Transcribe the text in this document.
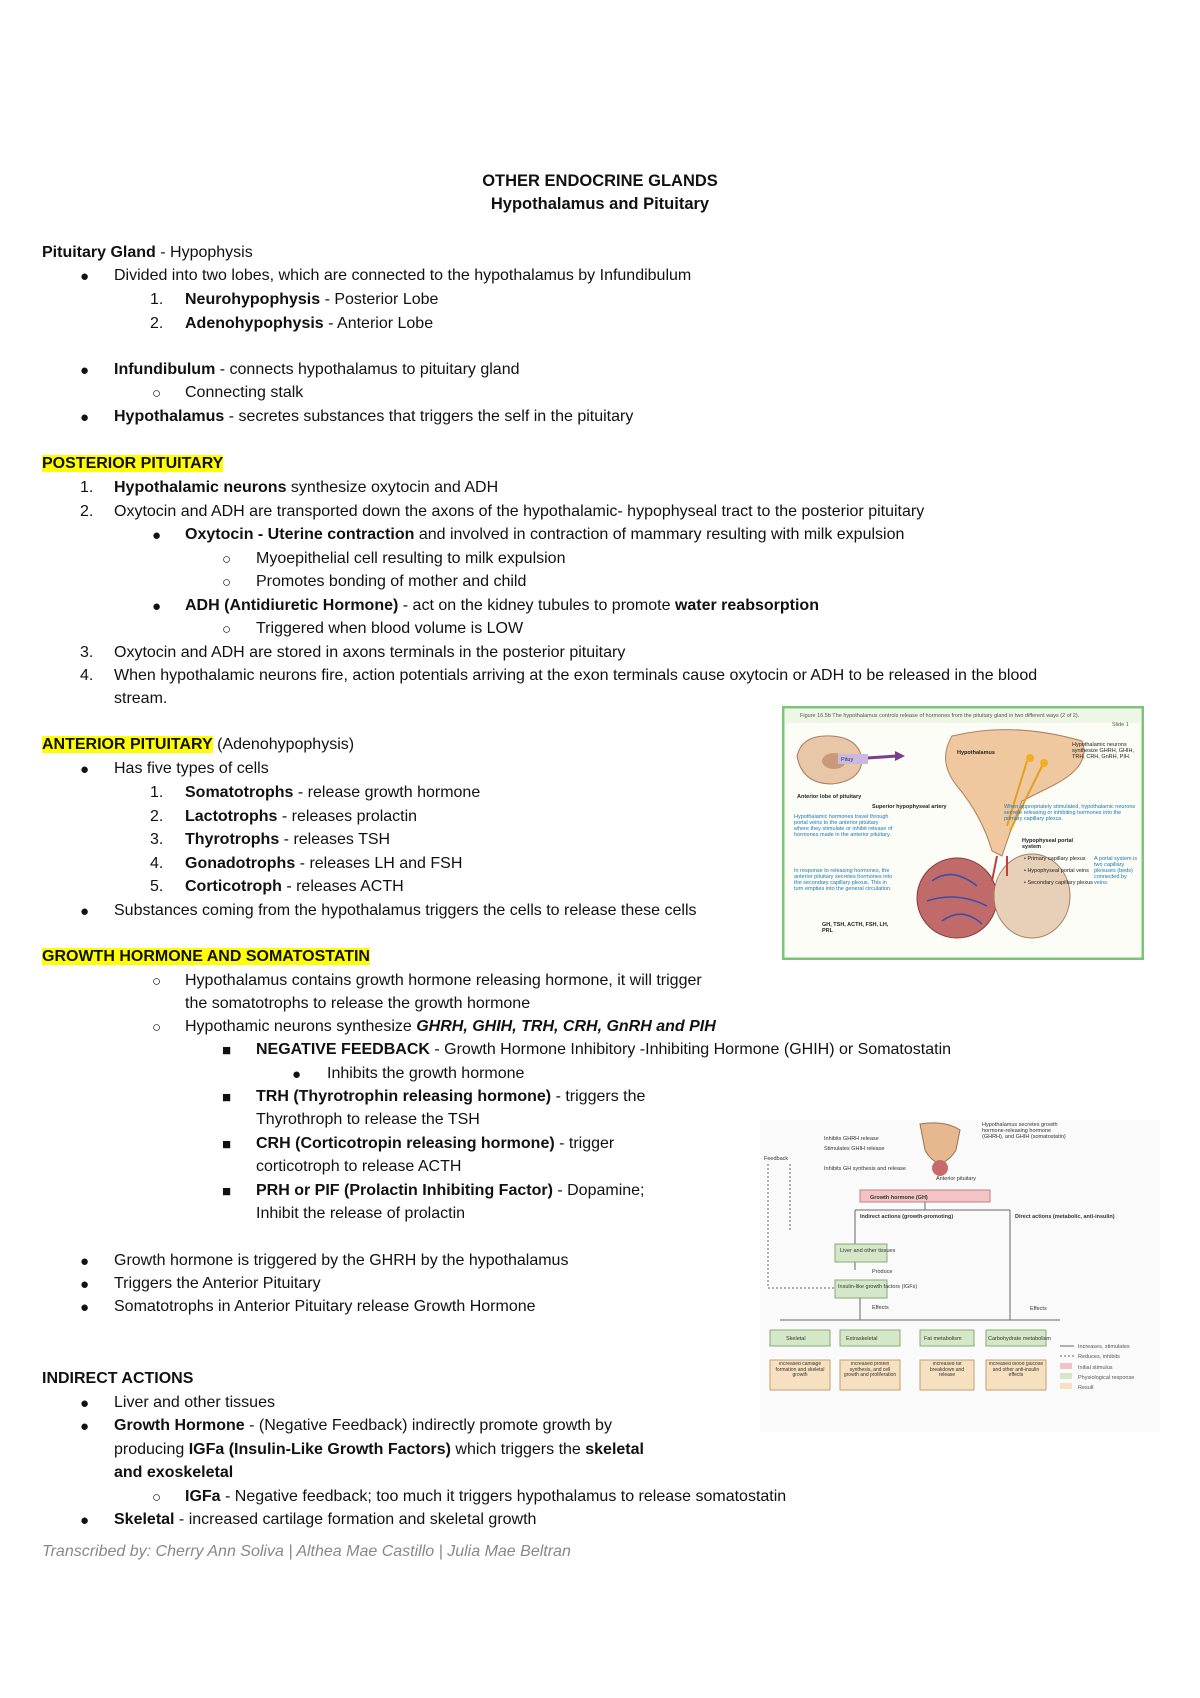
OTHER ENDOCRINE GLANDS
Hypothalamus and Pituitary
Pituitary Gland - Hypophysis
● Divided into two lobes, which are connected to the hypothalamus by Infundibulum
1. Neurohypophysis - Posterior Lobe
2. Adenohypophysis - Anterior Lobe
● Infundibulum - connects hypothalamus to pituitary gland
○ Connecting stalk
● Hypothalamus - secretes substances that triggers the self in the pituitary
POSTERIOR PITUITARY
1. Hypothalamic neurons synthesize oxytocin and ADH
2. Oxytocin and ADH are transported down the axons of the hypothalamic- hypophyseal tract to the posterior pituitary
● Oxytocin - Uterine contraction and involved in contraction of mammary resulting with milk expulsion
○ Myoepithelial cell resulting to milk expulsion
○ Promotes bonding of mother and child
● ADH (Antidiuretic Hormone) - act on the kidney tubules to promote water reabsorption
○ Triggered when blood volume is LOW
3. Oxytocin and ADH are stored in axons terminals in the posterior pituitary
4. When hypothalamic neurons fire, action potentials arriving at the exon terminals cause oxytocin or ADH to be released in the blood
stream.
ANTERIOR PITUITARY (Adenohypophysis)
● Has five types of cells
1. Somatotrophs - release growth hormone
2. Lactotrophs - releases prolactin
3. Thyrotrophs - releases TSH
4. Gonadotrophs - releases LH and FSH
5. Corticotroph - releases ACTH
● Substances coming from the hypothalamus triggers the cells to release these cells
GROWTH HORMONE AND SOMATOSTATIN
○ Hypothalamus contains growth hormone releasing hormone, it will trigger
the somatotrophs to release the growth hormone
○ Hypothamic neurons synthesize GHRH, GHIH, TRH, CRH, GnRH and PIH
■ NEGATIVE FEEDBACK - Growth Hormone Inhibitory -Inhibiting Hormone (GHIH) or Somatostatin
● Inhibits the growth hormone
■ TRH (Thyrotrophin releasing hormone) - triggers the
Thyrothroph to release the TSH
■ CRH (Corticotropin releasing hormone) - trigger
corticotroph to release ACTH
■ PRH or PIF (Prolactin Inhibiting Factor) - Dopamine;
Inhibit the release of prolactin
● Growth hormone is triggered by the GHRH by the hypothalamus
● Triggers the Anterior Pituitary
● Somatotrophs in Anterior Pituitary release Growth Hormone
INDIRECT ACTIONS
● Liver and other tissues
● Growth Hormone - (Negative Feedback) indirectly promote growth by
producing IGFa (Insulin-Like Growth Factors) which triggers the skeletal
and exoskeletal
○ IGFa - Negative feedback; too much it triggers hypothalamus to release somatostatin
● Skeletal - increased cartilage formation and skeletal growth
Transcribed by: Cherry Ann Soliva | Althea Mae Castillo | Julia Mae Beltran
Figure 16.5b The hypothalamus controls release of hormones from the pituitary gland in two different ways (2 of 2).
Slide 1
Pituy
Hypothalamus
Anterior lobe of pituitary
Superior hypophyseal artery
Hypothalamic hormones travel through portal veins to the anterior pituitary where they stimulate or inhibit release of hormones made in the anterior pituitary.
In response to releasing hormones, the anterior pituitary secretes hormones into the secondary capillary plexus. This in turn empties into the general circulation.
GH, TSH, ACTH, FSH, LH, PRL
Hypothalamic neurons synthesize GHRH, GHIH, TRH, CRH, GnRH, PIH.
When appropriately stimulated, hypothalamic neurons secrete releasing or inhibiting hormones into the primary capillary plexus.
Hypophyseal portal system
• Primary capillary plexus
• Hypophyseal portal veins
• Secondary capillary plexus
A portal system is two capillary plexuses (beds) connected by veins.
Feedback
Inhibits GHRH release
Stimulates GHIH release
Inhibits GH synthesis and release
Anterior pituitary
Hypothalamus secretes growth hormone-releasing hormone (GHRH), and GHIH (somatostatin)
Growth hormone (GH)
Indirect actions (growth-promoting)	Direct actions (metabolic, anti-insulin)
Liver and other tissues
Produce
Insulin-like growth factors (IGFs)
Effects	Effects
Skeletal	Extraskeletal	Fat metabolism	Carbohydrate metabolism
Increased cartilage formation and skeletal growth
Increased protein synthesis, and cell growth and proliferation
Increased fat breakdown and release
Increased blood glucose and other anti-insulin effects
Increases, stimulates
Reduces, inhibits
Initial stimulus
Physiological response
Result
